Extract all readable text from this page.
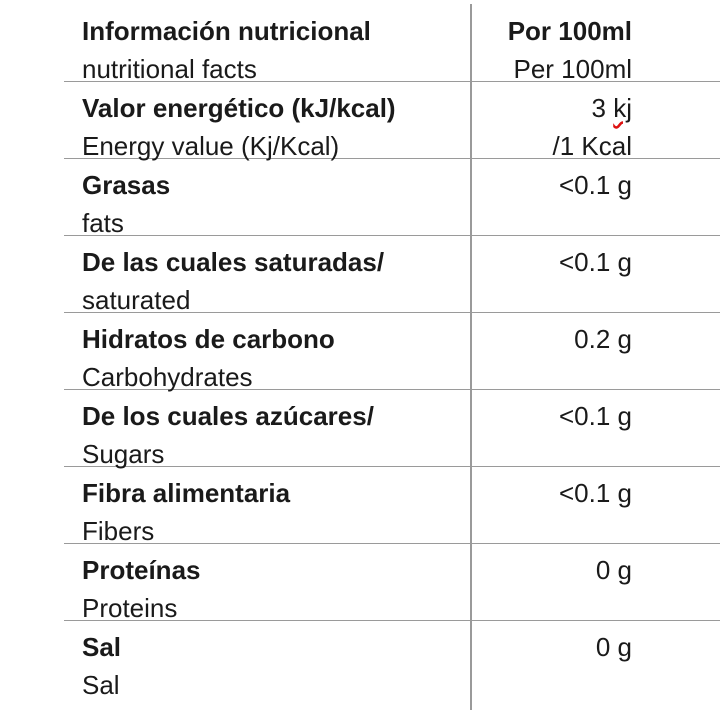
Información nutricional
nutritional facts
Por 100ml
Per 100ml
Valor energético (kJ/kcal)
Energy value (Kj/Kcal)
3 kj
/1 Kcal
Grasas
fats
<0.1 g
De las cuales saturadas/
saturated
<0.1 g
Hidratos de carbono
Carbohydrates
0.2 g
De los cuales azúcares/
Sugars
<0.1 g
Fibra alimentaria
Fibers
<0.1 g
Proteínas
Proteins
0 g
Sal
Sal
0 g
